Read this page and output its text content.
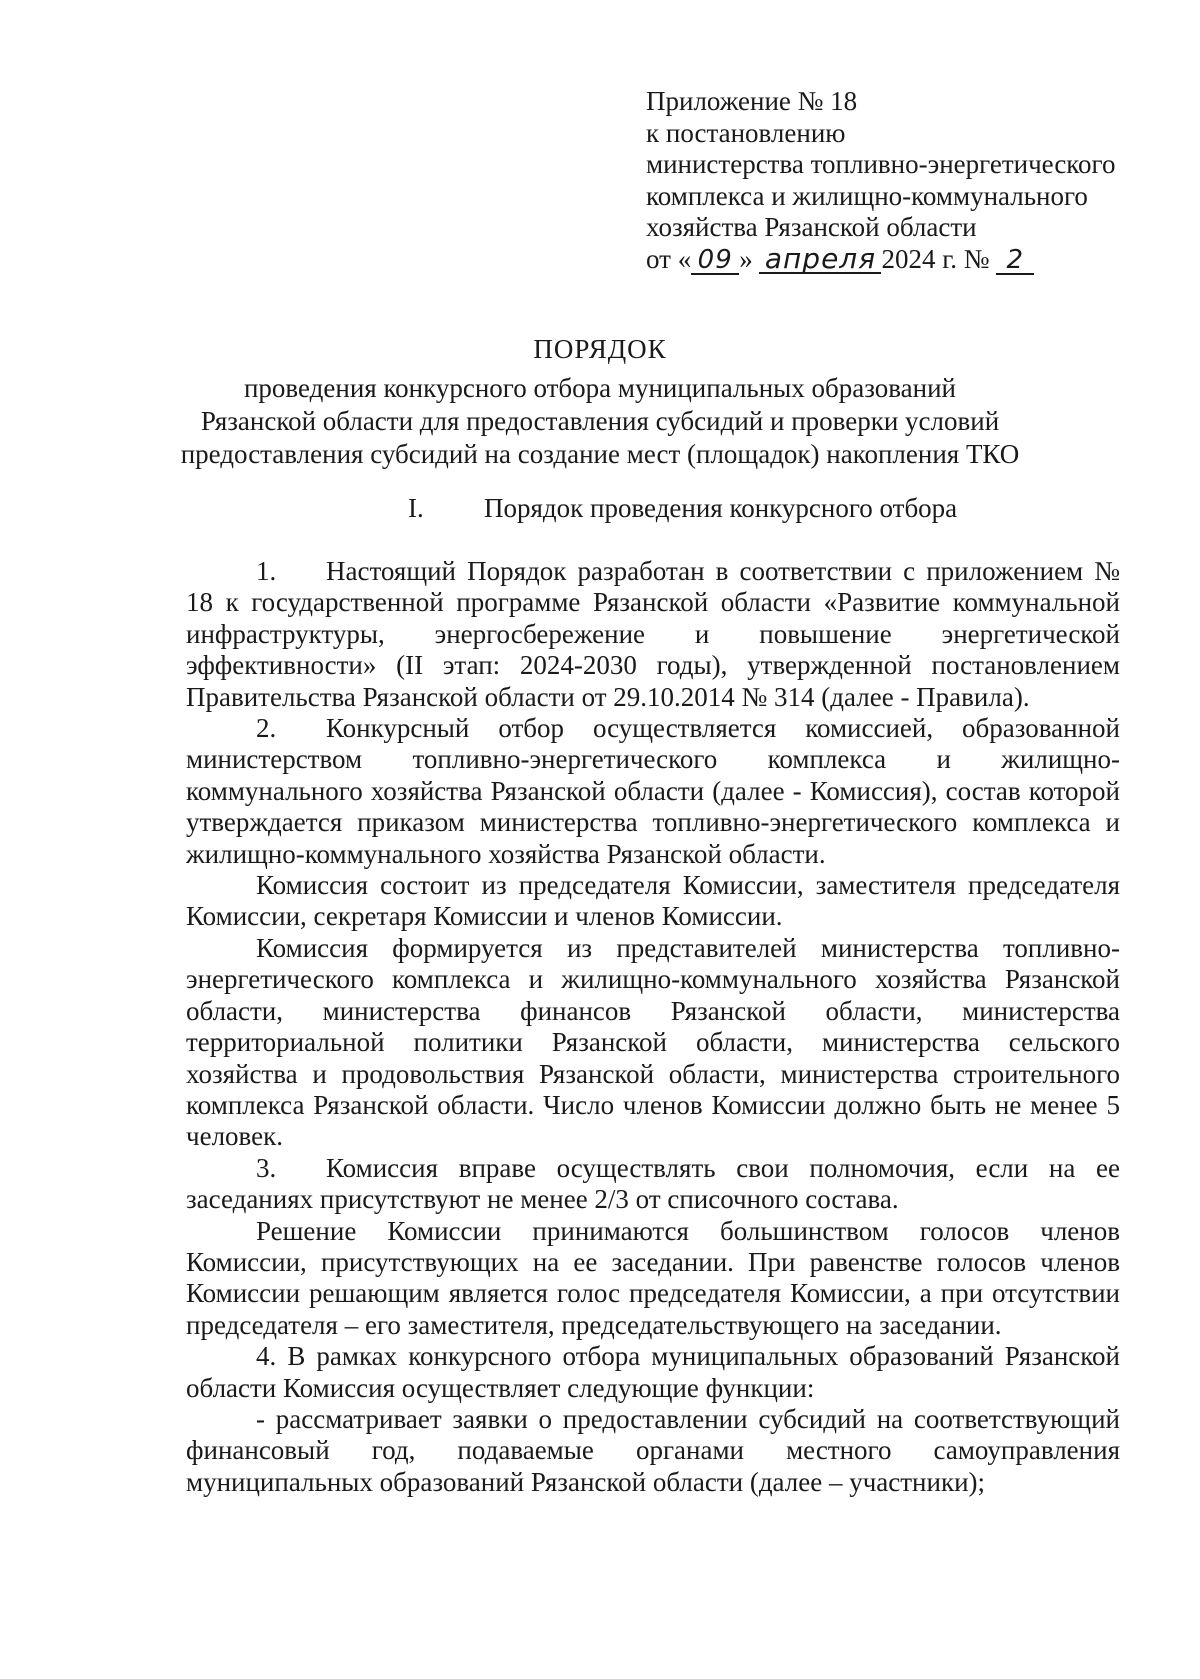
Приложение № 18
к постановлению
министерства топливно-энергетического
комплекса и жилищно-коммунального
хозяйства Рязанской области
от « 09 » апреля 2024 г. № 2
ПОРЯДОК
проведения конкурсного отбора муниципальных образований
Рязанской области для предоставления субсидий и проверки условий
предоставления субсидий на создание мест (площадок) накопления ТКО
I. Порядок проведения конкурсного отбора

1. Настоящий Порядок разработан в соответствии с приложением № 18 к государственной программе Рязанской области «Развитие коммунальной инфраструктуры, энергосбережение и повышение энергетической эффективности» (II этап: 2024-2030 годы), утвержденной постановлением Правительства Рязанской области от 29.10.2014 № 314 (далее - Правила).

2. Конкурсный отбор осуществляется комиссией, образованной министерством топливно-энергетического комплекса и жилищно-коммунального хозяйства Рязанской области (далее - Комиссия), состав которой утверждается приказом министерства топливно-энергетического комплекса и жилищно-коммунального хозяйства Рязанской области.

Комиссия состоит из председателя Комиссии, заместителя председателя Комиссии, секретаря Комиссии и членов Комиссии.

Комиссия формируется из представителей министерства топливно-энергетического комплекса и жилищно-коммунального хозяйства Рязанской области, министерства финансов Рязанской области, министерства территориальной политики Рязанской области, министерства сельского хозяйства и продовольствия Рязанской области, министерства строительного комплекса Рязанской области. Число членов Комиссии должно быть не менее 5 человек.

3. Комиссия вправе осуществлять свои полномочия, если на ее заседаниях присутствуют не менее 2/3 от списочного состава.

Решение Комиссии принимаются большинством голосов членов Комиссии, присутствующих на ее заседании. При равенстве голосов членов Комиссии решающим является голос председателя Комиссии, а при отсутствии председателя – его заместителя, председательствующего на заседании.

4. В рамках конкурсного отбора муниципальных образований Рязанской области Комиссия осуществляет следующие функции:

- рассматривает заявки о предоставлении субсидий на соответствующий финансовый год, подаваемые органами местного самоуправления муниципальных образований Рязанской области (далее – участники);
